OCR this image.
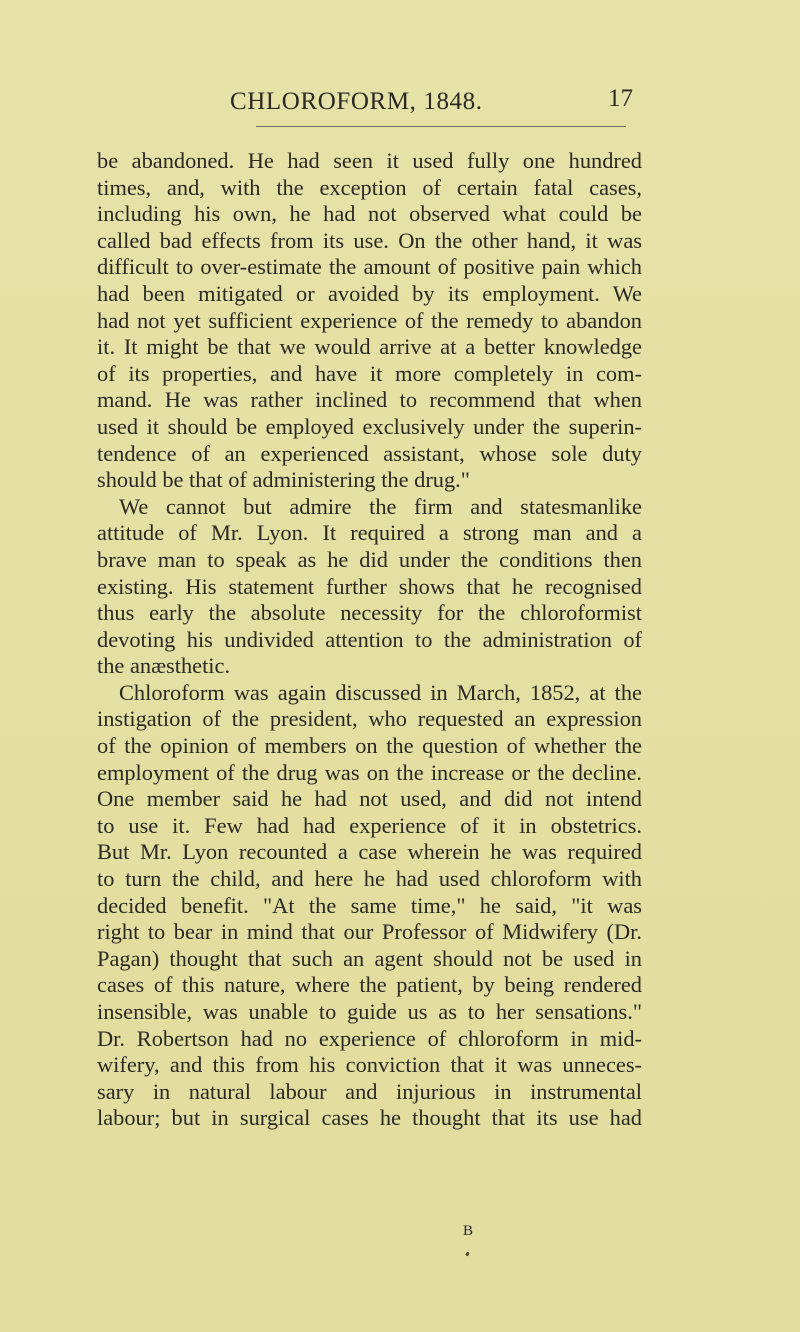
CHLOROFORM, 1848.	17
be abandoned. He had seen it used fully one hundred
times, and, with the exception of certain fatal cases,
including his own, he had not observed what could be
called bad effects from its use. On the other hand, it was
difficult to over-estimate the amount of positive pain which
had been mitigated or avoided by its employment. We
had not yet sufficient experience of the remedy to abandon
it. It might be that we would arrive at a better knowledge
of its properties, and have it more completely in com-
mand. He was rather inclined to recommend that when
used it should be employed exclusively under the superin-
tendence of an experienced assistant, whose sole duty
should be that of administering the drug."
We cannot but admire the firm and statesmanlike
attitude of Mr. Lyon. It required a strong man and a
brave man to speak as he did under the conditions then
existing. His statement further shows that he recognised
thus early the absolute necessity for the chloroformist
devoting his undivided attention to the administration of
the anæsthetic.
Chloroform was again discussed in March, 1852, at the
instigation of the president, who requested an expression
of the opinion of members on the question of whether the
employment of the drug was on the increase or the decline.
One member said he had not used, and did not intend
to use it. Few had had experience of it in obstetrics.
But Mr. Lyon recounted a case wherein he was required
to turn the child, and here he had used chloroform with
decided benefit. "At the same time," he said, "it was
right to bear in mind that our Professor of Midwifery (Dr.
Pagan) thought that such an agent should not be used in
cases of this nature, where the patient, by being rendered
insensible, was unable to guide us as to her sensations."
Dr. Robertson had no experience of chloroform in mid-
wifery, and this from his conviction that it was unneces-
sary in natural labour and injurious in instrumental
labour; but in surgical cases he thought that its use had
B
